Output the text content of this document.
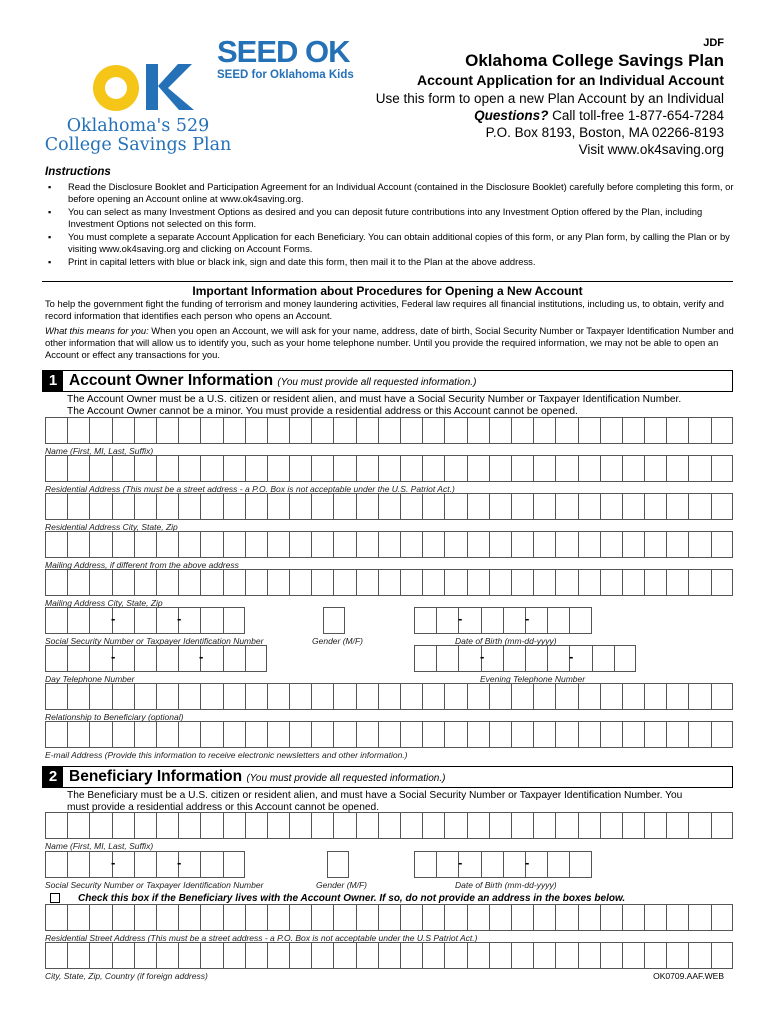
SEED OK
SEED for Oklahoma Kids
OK
Oklahoma's 529
College Savings Plan
JDF
Oklahoma College Savings Plan
Account Application for an Individual Account
Use this form to open a new Plan Account by an Individual
Questions? Call toll-free 1-877-654-7284
P.O. Box 8193, Boston, MA 02266-8193
Visit www.ok4saving.org
Instructions
▪ Read the Disclosure Booklet and Participation Agreement for an Individual Account (contained in the Disclosure Booklet) carefully before completing this form, or before opening an Account online at www.ok4saving.org.
▪ You can select as many Investment Options as desired and you can deposit future contributions into any Investment Option offered by the Plan, including Investment Options not selected on this form.
▪ You must complete a separate Account Application for each Beneficiary. You can obtain additional copies of this form, or any Plan form, by calling the Plan or by visiting www.ok4saving.org and clicking on Account Forms.
▪ Print in capital letters with blue or black ink, sign and date this form, then mail it to the Plan at the above address.
Important Information about Procedures for Opening a New Account

To help the government fight the funding of terrorism and money laundering activities, Federal law requires all financial institutions, including us, to obtain, verify and record information that identifies each person who opens an Account.

What this means for you: When you open an Account, we will ask for your name, address, date of birth, Social Security Number or Taxpayer Identification Number and other information that will allow us to identify you, such as your home telephone number. Until you provide the required information, we may not be able to open an Account or effect any transactions for you.

1 Account Owner Information (You must provide all requested information.)
The Account Owner must be a U.S. citizen or resident alien, and must have a Social Security Number or Taxpayer Identification Number.
The Account Owner cannot be a minor. You must provide a residential address or this Account cannot be opened.
Name (First, MI, Last, Suffix)
Residential Address (This must be a street address - a P.O. Box is not acceptable under the U.S. Patriot Act.)
Residential Address City, State, Zip
Mailing Address, if different from the above address
Mailing Address City, State, Zip
-	-	-	-
Social Security Number or Taxpayer Identification Number	Gender (M/F)	Date of Birth (mm-dd-yyyy)
-	-	-	-
Day Telephone Number	Evening Telephone Number
Relationship to Beneficiary (optional)
E-mail Address (Provide this information to receive electronic newsletters and other information.)
2 Beneficiary Information (You must provide all requested information.)
The Beneficiary must be a U.S. citizen or resident alien, and must have a Social Security Number or Taxpayer Identification Number. You
must provide a residential address or this Account cannot be opened.
Name (First, MI, Last, Suffix)
-	-	-	-
Social Security Number or Taxpayer Identification Number	Gender (M/F)	Date of Birth (mm-dd-yyyy)
Check this box if the Beneficiary lives with the Account Owner. If so, do not provide an address in the boxes below.
Residential Street Address (This must be a street address - a P.O. Box is not acceptable under the U.S Patriot Act.)
City, State, Zip, Country (if foreign address)	OK0709.AAF.WEB
